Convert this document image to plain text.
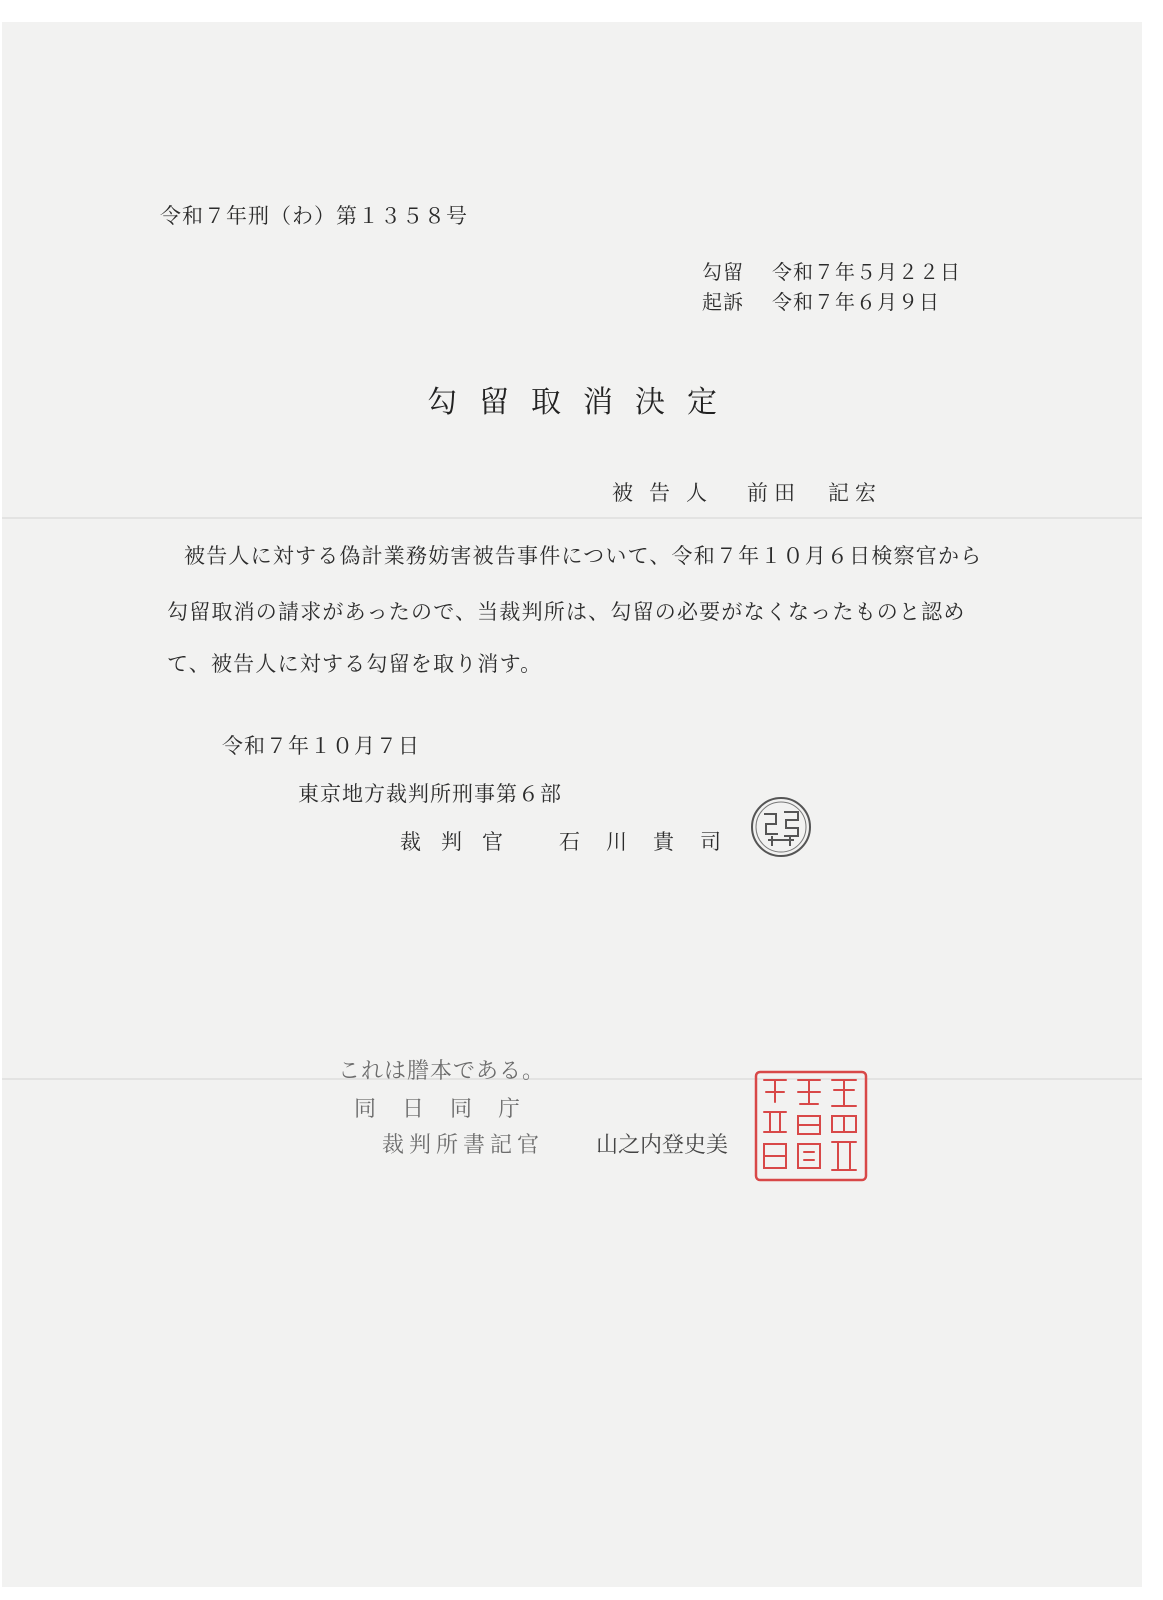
令和７年刑（わ）第１３５８号
勾留 令和７年５月２２日
起訴 令和７年６月９日
勾留取消決定
被告人 前田　記宏
被告人に対する偽計業務妨害被告事件について、令和７年１０月６日検察官から
勾留取消の請求があったので、当裁判所は、勾留の必要がなくなったものと認め
て、被告人に対する勾留を取り消す。
令和７年１０月７日
東京地方裁判所刑事第６部
裁判官 石川貴司
これは謄本である。
同日同庁
裁判所書記官 山之内登史美
